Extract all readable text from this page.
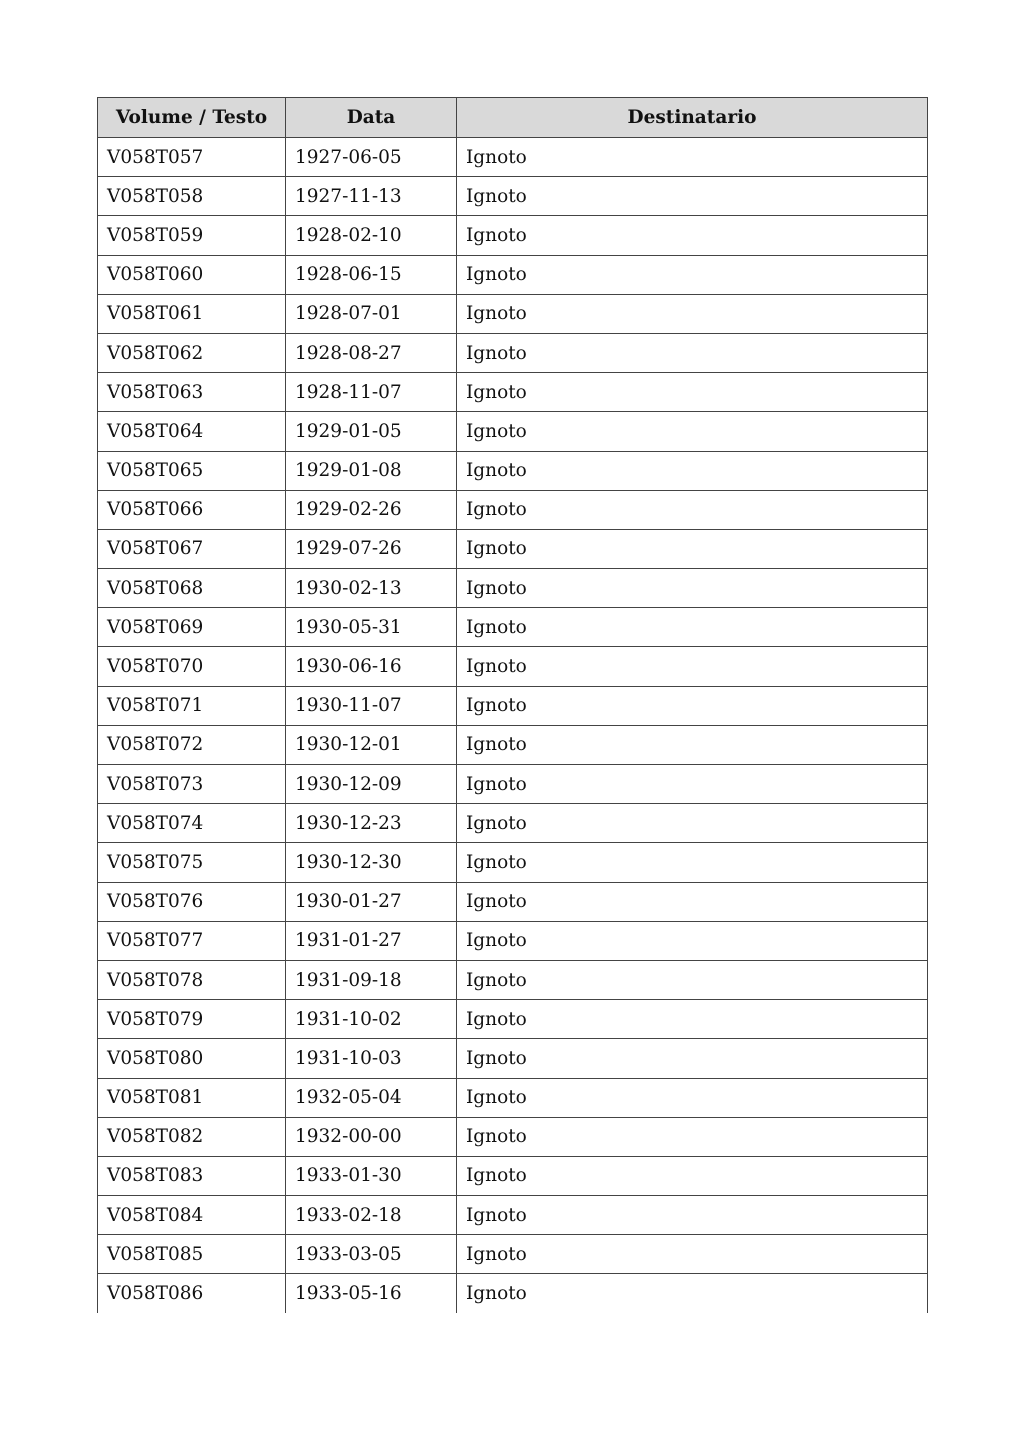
Volume / Testo	Data	Destinatario
V058T057	1927-06-05	Ignoto
V058T058	1927-11-13	Ignoto
V058T059	1928-02-10	Ignoto
V058T060	1928-06-15	Ignoto
V058T061	1928-07-01	Ignoto
V058T062	1928-08-27	Ignoto
V058T063	1928-11-07	Ignoto
V058T064	1929-01-05	Ignoto
V058T065	1929-01-08	Ignoto
V058T066	1929-02-26	Ignoto
V058T067	1929-07-26	Ignoto
V058T068	1930-02-13	Ignoto
V058T069	1930-05-31	Ignoto
V058T070	1930-06-16	Ignoto
V058T071	1930-11-07	Ignoto
V058T072	1930-12-01	Ignoto
V058T073	1930-12-09	Ignoto
V058T074	1930-12-23	Ignoto
V058T075	1930-12-30	Ignoto
V058T076	1930-01-27	Ignoto
V058T077	1931-01-27	Ignoto
V058T078	1931-09-18	Ignoto
V058T079	1931-10-02	Ignoto
V058T080	1931-10-03	Ignoto
V058T081	1932-05-04	Ignoto
V058T082	1932-00-00	Ignoto
V058T083	1933-01-30	Ignoto
V058T084	1933-02-18	Ignoto
V058T085	1933-03-05	Ignoto
V058T086	1933-05-16	Ignoto
